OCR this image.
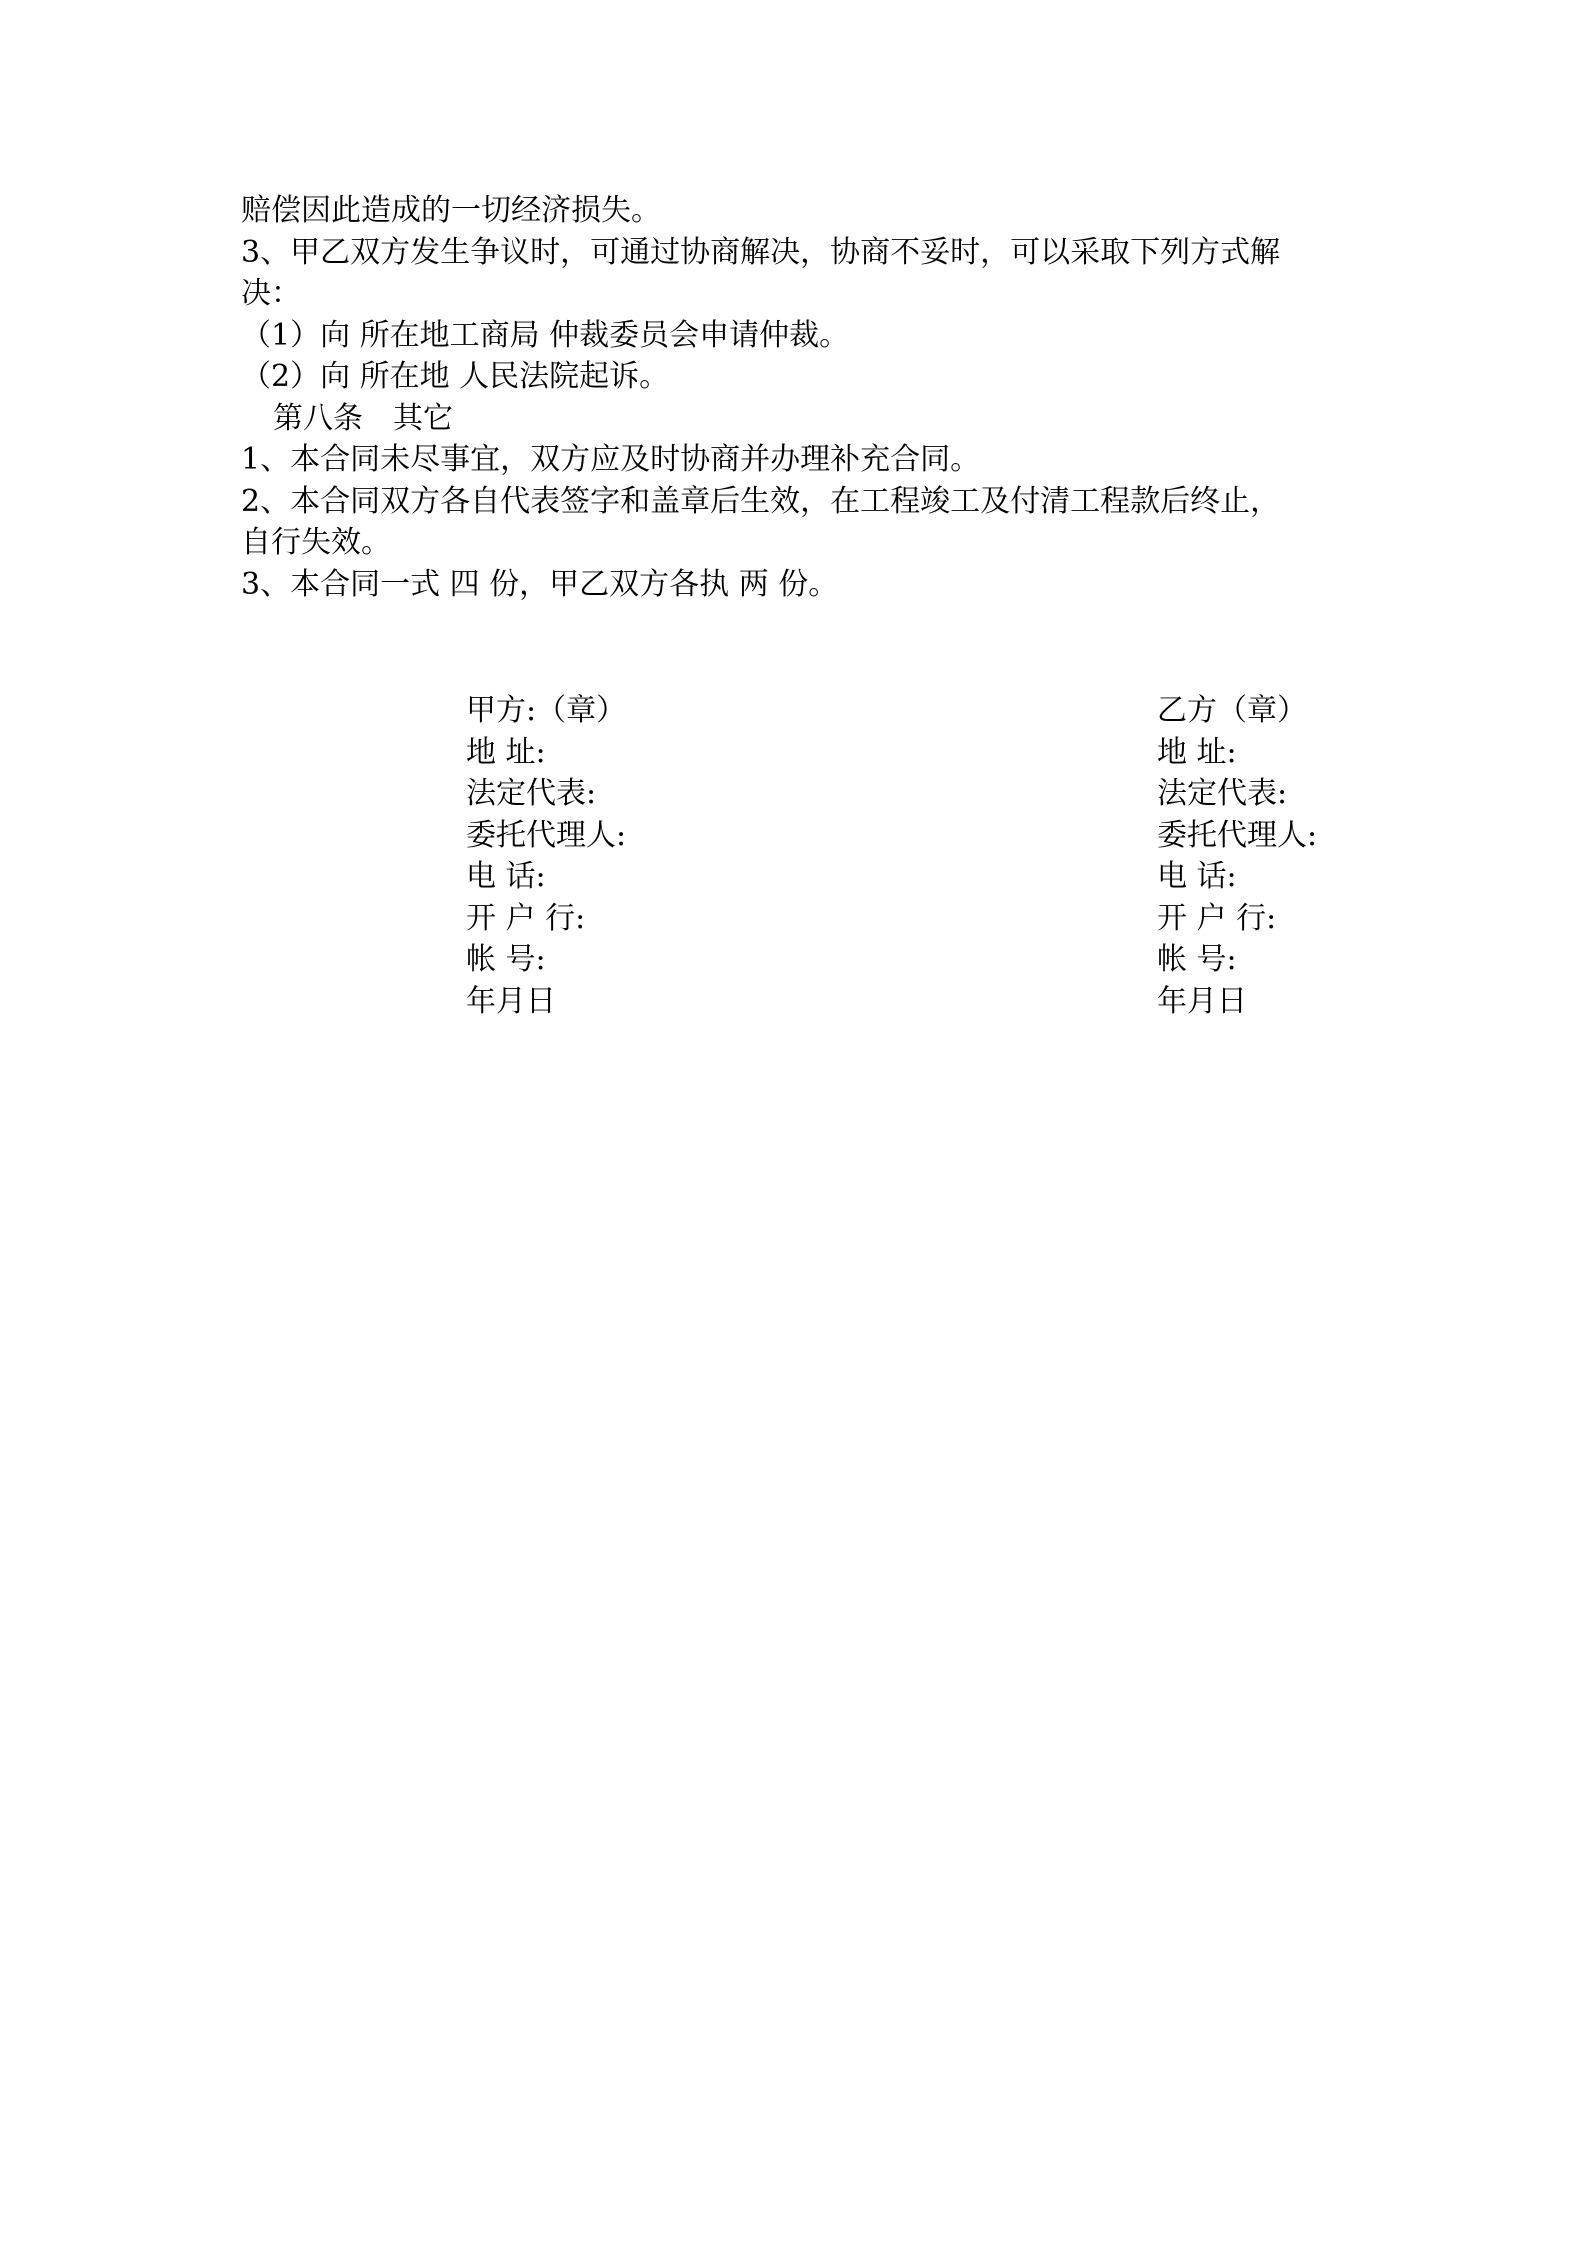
赔偿因此造成的一切经济损失。
3、甲乙双方发生争议时，可通过协商解决，协商不妥时，可以采取下列方式解
决：
（1）向 所在地工商局 仲裁委员会申请仲裁。
（2）向 所在地 人民法院起诉。
第八条　其它
1、本合同未尽事宜，双方应及时协商并办理补充合同。
2、本合同双方各自代表签字和盖章后生效，在工程竣工及付清工程款后终止，
自行失效。
3、本合同一式 四 份，甲乙双方各执 两 份。
甲方:（章）
地 址:
法定代表:
委托代理人:
电 话:
开 户 行:
帐 号:
年月日
乙方（章）
地 址:
法定代表:
委托代理人:
电 话:
开 户 行:
帐 号:
年月日
